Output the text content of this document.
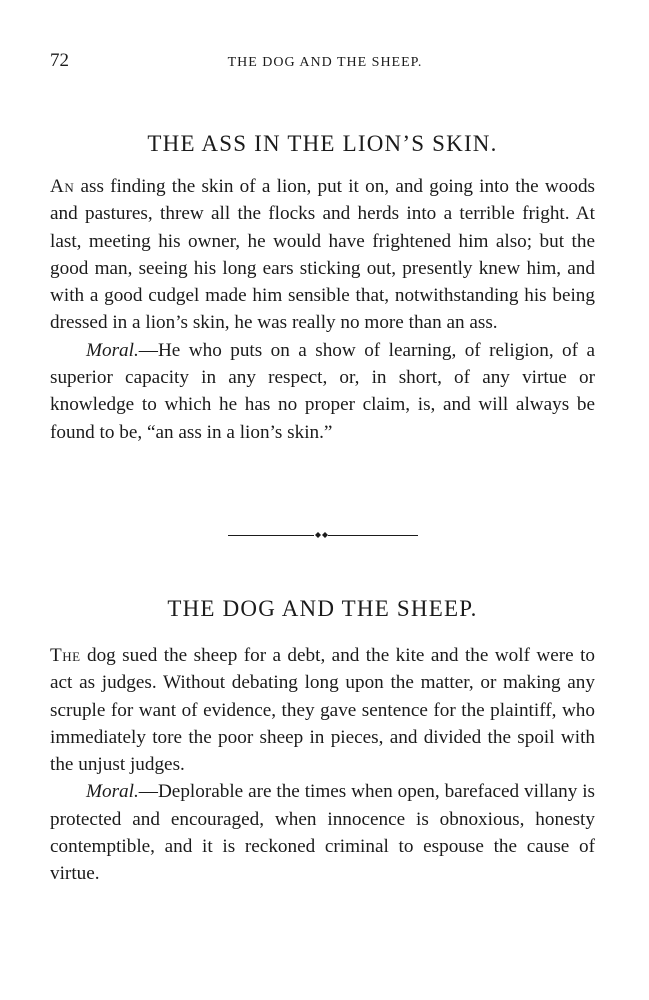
72	THE DOG AND THE SHEEP.
THE ASS IN THE LION’S SKIN.

An ass finding the skin of a lion, put it on, and going into the woods and pastures, threw all the flocks and herds into a terrible fright. At last, meeting his owner, he would have frightened him also; but the good man, seeing his long ears sticking out, presently knew him, and with a good cudgel made him sensible that, notwithstanding his being dressed in a lion’s skin, he was really no more than an ass.

Moral.—He who puts on a show of learning, of religion, of a superior capacity in any respect, or, in short, of any virtue or knowledge to which he has no proper claim, is, and will always be found to be, “an ass in a lion’s skin.”

THE DOG AND THE SHEEP.

The dog sued the sheep for a debt, and the kite and the wolf were to act as judges. Without debating long upon the matter, or making any scruple for want of evidence, they gave sentence for the plaintiff, who immediately tore the poor sheep in pieces, and divided the spoil with the unjust judges.

Moral.—Deplorable are the times when open, barefaced villany is protected and encouraged, when innocence is obnoxious, honesty contemptible, and it is reckoned criminal to espouse the cause of virtue.
